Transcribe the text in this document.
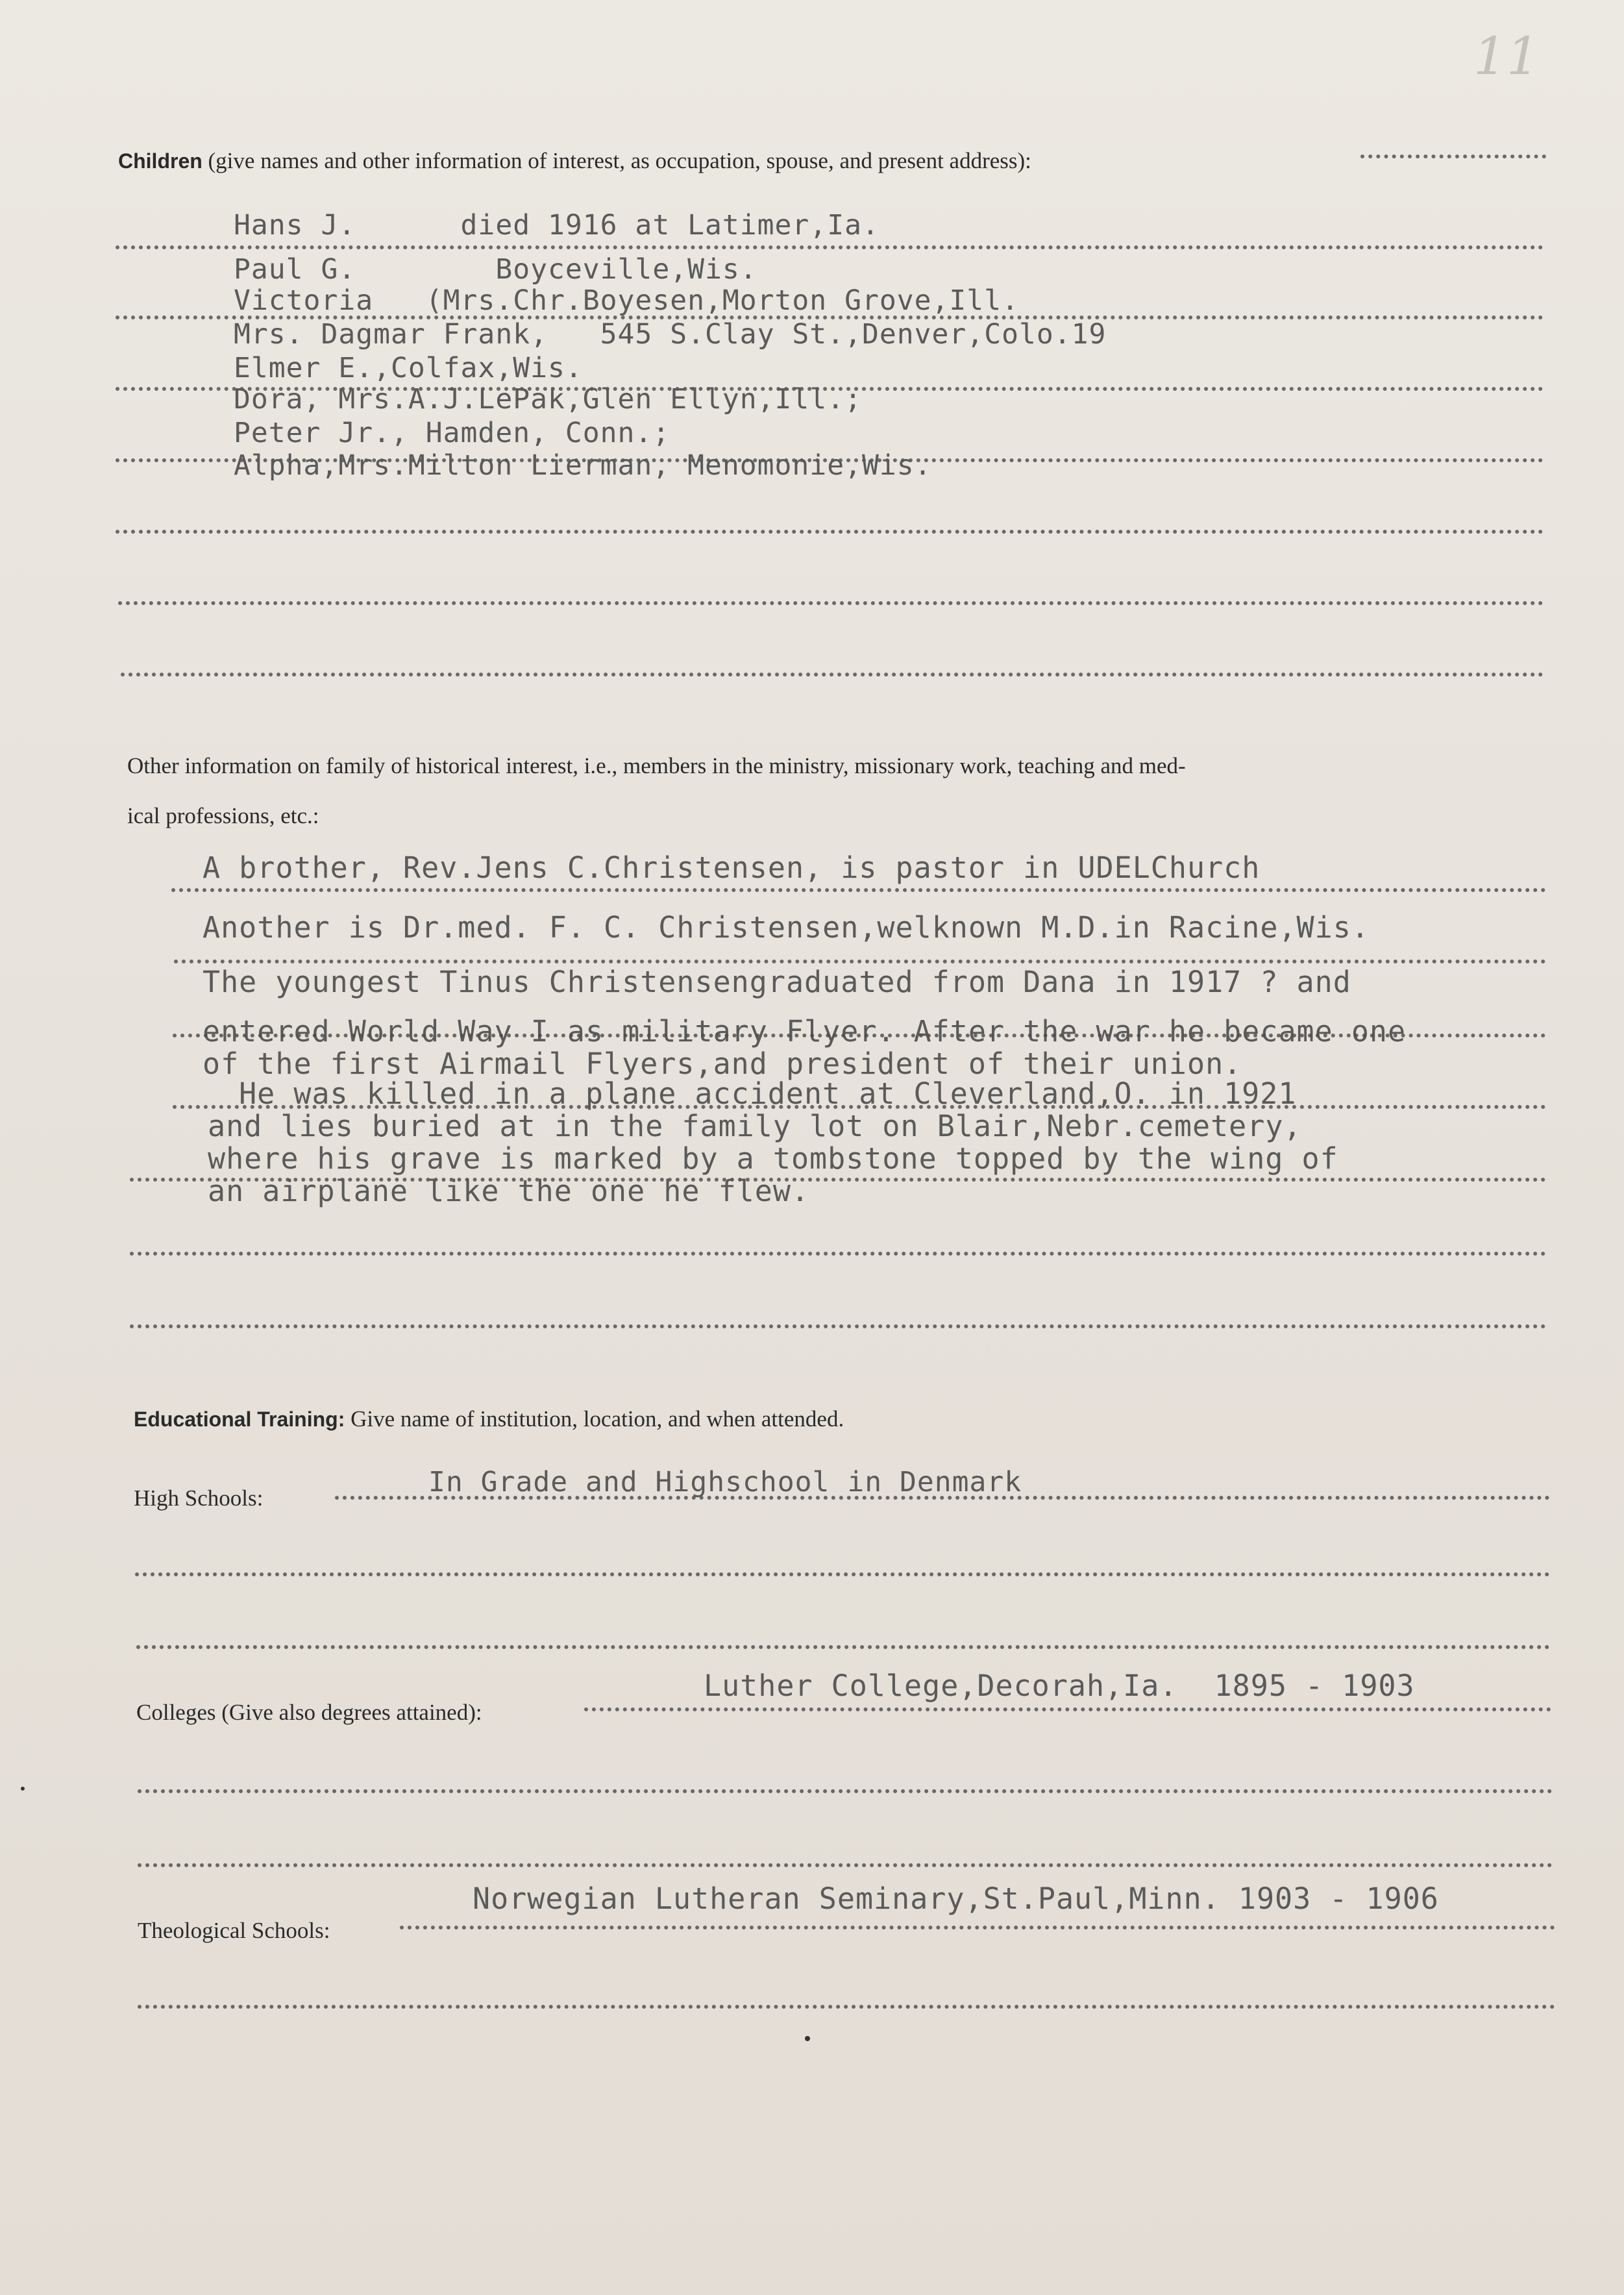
11
Children (give names and other information of interest, as occupation, spouse, and present address):
Hans J.      died 1916 at Latimer,Ia.
Paul G.        Boyceville,Wis.
Victoria   (Mrs.Chr.Boyesen,Morton Grove,Ill.
Mrs. Dagmar Frank,   545 S.Clay St.,Denver,Colo.19
Elmer E.,Colfax,Wis.
Dora, Mrs.A.J.LePak,Glen Ellyn,Ill.;
Peter Jr., Hamden, Conn.;
Alpha,Mrs.Milton Lierman, Menomonie,Wis.
Other information on family of historical interest, i.e., members in the ministry, missionary work, teaching and med-
ical professions, etc.:
A brother, Rev.Jens C.Christensen, is pastor in UDELChurch
Another is Dr.med. F. C. Christensen,welknown M.D.in Racine,Wis.
The youngest Tinus Christensengraduated from Dana in 1917 ? and
entered World Way I as military Flyer. After the war he became one
of the first Airmail Flyers,and president of their union.
He was killed in a plane accident at Cleverland,O. in 1921
and lies buried at in the family lot on Blair,Nebr.cemetery,
where his grave is marked by a tombstone topped by the wing of
an airplane like the one he flew.
Educational Training: Give name of institution, location, and when attended.
High Schools:	In Grade and Highschool in Denmark
Colleges (Give also degrees attained):
Luther College,Decorah,Ia.  1895 - 1903
Theological Schools:
Norwegian Lutheran Seminary,St.Paul,Minn. 1903 - 1906
